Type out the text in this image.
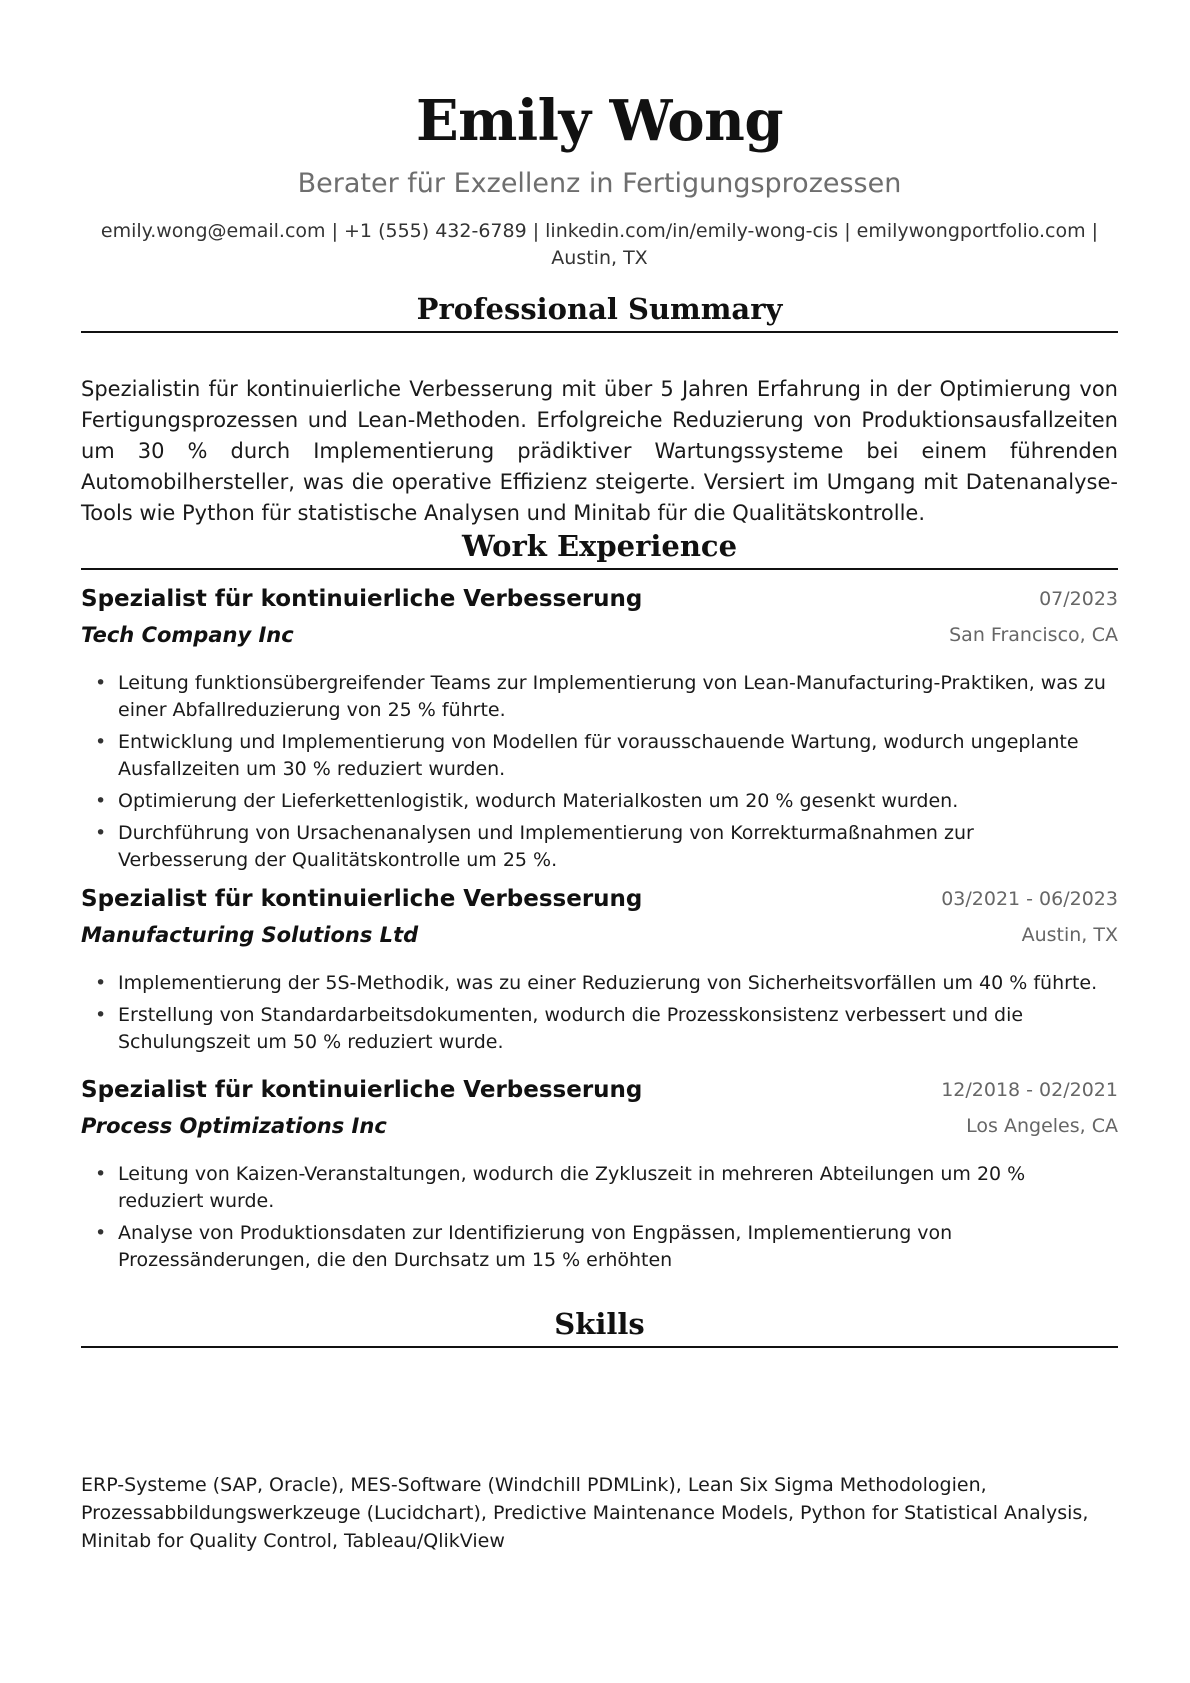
Emily Wong
Berater für Exzellenz in Fertigungsprozessen
emily.wong@email.com | +1 (555) 432-6789 | linkedin.com/in/emily-wong-cis | emilywongportfolio.com | Austin, TX
Professional Summary
Spezialistin für kontinuierliche Verbesserung mit über 5 Jahren Erfahrung in der Optimierung von Fertigungsprozessen und Lean-Methoden. Erfolgreiche Reduzierung von Produktionsausfallzeiten um 30 % durch Implementierung prädiktiver Wartungssysteme bei einem führenden Automobilhersteller, was die operative Effizienz steigerte. Versiert im Umgang mit Datenanalyse-Tools wie Python für statistische Analysen und Minitab für die Qualitätskontrolle.
Work Experience
Spezialist für kontinuierliche Verbesserung	07/2023
Tech Company Inc	San Francisco, CA
• Leitung funktionsübergreifender Teams zur Implementierung von Lean-Manufacturing-Praktiken, was zu einer Abfallreduzierung von 25 % führte.
• Entwicklung und Implementierung von Modellen für vorausschauende Wartung, wodurch ungeplante Ausfallzeiten um 30 % reduziert wurden.
• Optimierung der Lieferkettenlogistik, wodurch Materialkosten um 20 % gesenkt wurden.
• Durchführung von Ursachenanalysen und Implementierung von Korrekturmaßnahmen zur Verbesserung der Qualitätskontrolle um 25 %.
Spezialist für kontinuierliche Verbesserung	03/2021 - 06/2023
Manufacturing Solutions Ltd	Austin, TX
• Implementierung der 5S-Methodik, was zu einer Reduzierung von Sicherheitsvorfällen um 40 % führte.
• Erstellung von Standardarbeitsdokumenten, wodurch die Prozesskonsistenz verbessert und die Schulungszeit um 50 % reduziert wurde.
Spezialist für kontinuierliche Verbesserung	12/2018 - 02/2021
Process Optimizations Inc	Los Angeles, CA
• Leitung von Kaizen-Veranstaltungen, wodurch die Zykluszeit in mehreren Abteilungen um 20 % reduziert wurde.
• Analyse von Produktionsdaten zur Identifizierung von Engpässen, Implementierung von Prozessänderungen, die den Durchsatz um 15 % erhöhten
Skills
ERP-Systeme (SAP, Oracle), MES-Software (Windchill PDMLink), Lean Six Sigma Methodologien, Prozessabbildungswerkzeuge (Lucidchart), Predictive Maintenance Models, Python for Statistical Analysis, Minitab for Quality Control, Tableau/QlikView
